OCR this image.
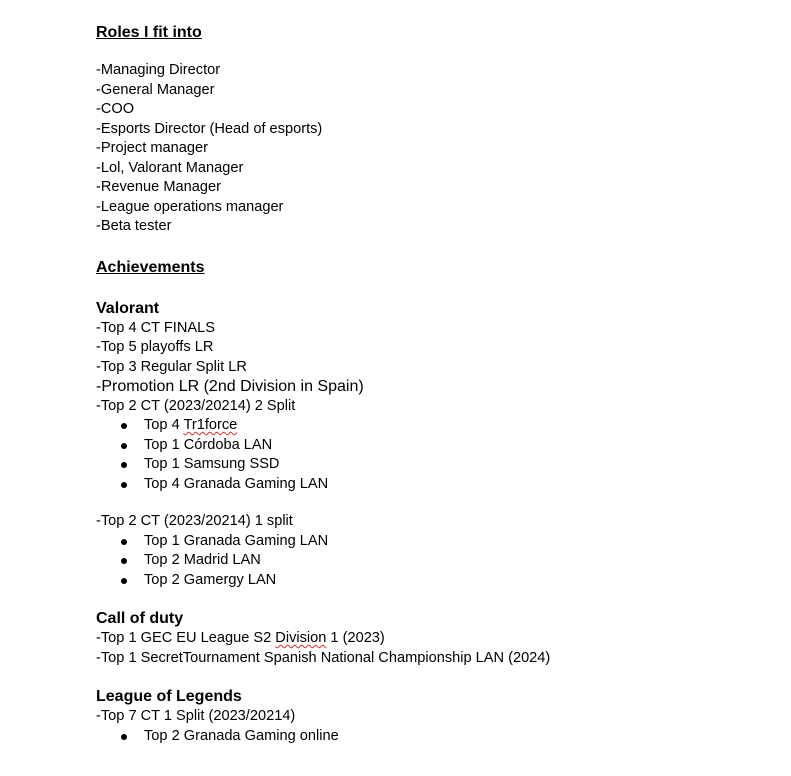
Roles I fit into
-Managing Director
-General Manager
-COO
-Esports Director (Head of esports)
-Project manager
-Lol, Valorant Manager
-Revenue Manager
-League operations manager
-Beta tester
Achievements
Valorant
-Top 4 CT FINALS
-Top 5 playoffs LR
-Top 3 Regular Split LR
-Promotion LR (2nd Division in Spain)
-Top 2 CT (2023/20214) 2 Split
Top 4 Tr1force
Top 1 Córdoba LAN
Top 1 Samsung SSD
Top 4 Granada Gaming LAN
-Top 2 CT (2023/20214) 1 split
Top 1 Granada Gaming LAN
Top 2 Madrid LAN
Top 2 Gamergy LAN
Call of duty
-Top 1 GEC EU League S2 Division 1 (2023)
-Top 1 SecretTournament Spanish National Championship LAN (2024)
League of Legends
-Top 7 CT 1 Split (2023/20214)
Top 2 Granada Gaming online
